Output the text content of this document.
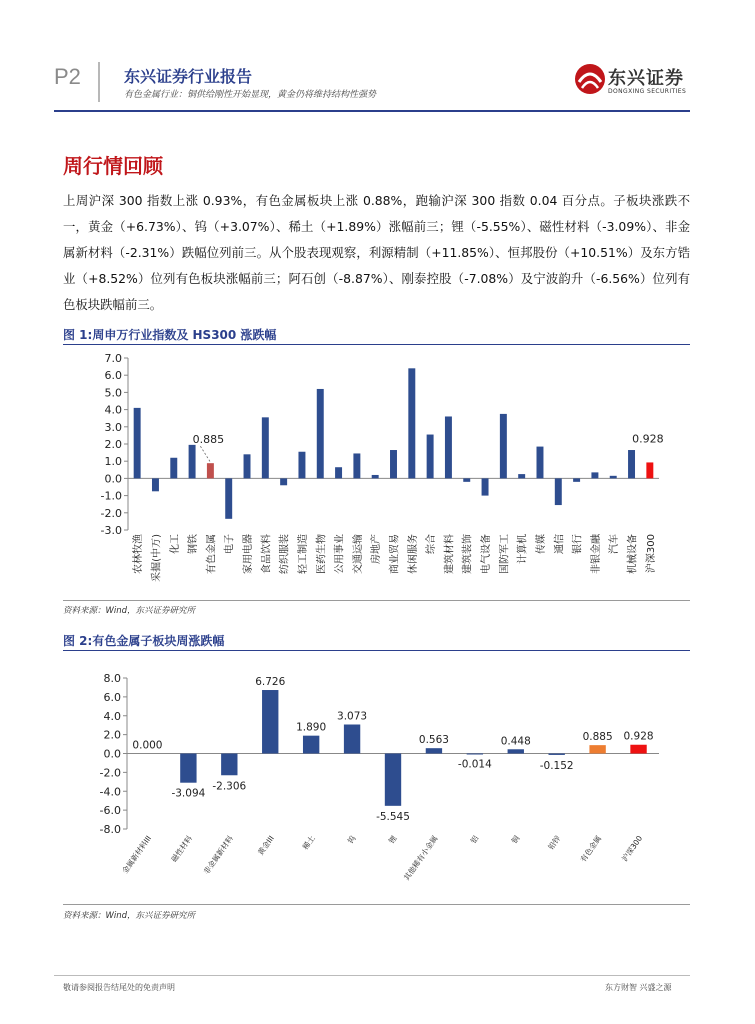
P2	东兴证券行业报告
有色金属行业：铜供给刚性开始显现，黄金仍将维持结构性强势
东兴证券
DONGXING SECURITIES
周行情回顾
上周沪深 300 指数上涨 0.93%，有色金属板块上涨 0.88%，跑输沪深 300 指数 0.04 百分点。子板块涨跌不一，黄金（+6.73%）、钨（+3.07%）、稀土（+1.89%）涨幅前三；锂（-5.55%）、磁性材料（-3.09%）、非金属新材料（-2.31%）跌幅位列前三。从个股表现观察，利源精制（+11.85%）、恒邦股份（+10.51%）及东方锆业（+8.52%）位列有色板块涨幅前三；阿石创（-8.87%）、刚泰控股（-7.08%）及宁波韵升（-6.56%）位列有色板块跌幅前三。
图 1:周申万行业指数及 HS300 涨跌幅
7.0
6.0
5.0
4.0
3.0
2.0
1.0
0.0
-1.0
-2.0
-3.0
农林牧渔 采掘(中万) 化工 钢铁 有色金属 电子 家用电器 食品饮料 纺织服装 轻工制造 医药生物 公用事业 交通运输 房地产 商业贸易 休闲服务 综合 建筑材料 建筑装饰 电气设备 国防军工 计算机 传媒 通信 银行 非银金融 汽车 机械设备 沪深300
0.885	0.928
资料来源：Wind，东兴证券研究所
图 2:有色金属子板块周涨跌幅
8.0
6.0
4.0
2.0
0.0
-2.0
-4.0
-6.0
-8.0
金属新材料III
0.000
磁性材料
-3.094
非金属新材料
-2.306
黄金III
6.726
稀土
1.890
钨
3.073
锂
-5.545
其他稀有小金属
0.563
铝
-0.014
铜
0.448
铅锌
-0.152
有色金属
0.885
沪深300
0.928
资料来源：Wind，东兴证券研究所
敬请参阅报告结尾处的免责声明	东方财智 兴盛之源
